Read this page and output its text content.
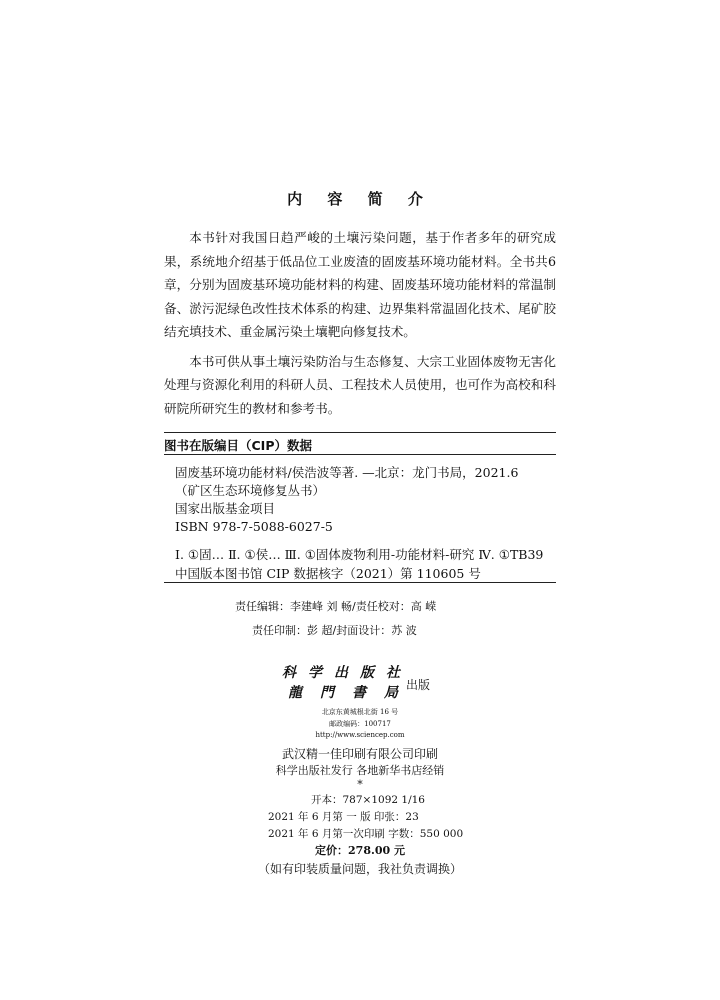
内 容 简 介

本书针对我国日趋严峻的土壤污染问题，基于作者多年的研究成果，系统地介绍基于低品位工业废渣的固废基环境功能材料。全书共6章，分别为固废基环境功能材料的构建、固废基环境功能材料的常温制备、淤污泥绿色改性技术体系的构建、边界集料常温固化技术、尾矿胶结充填技术、重金属污染土壤靶向修复技术。

本书可供从事土壤污染防治与生态修复、大宗工业固体废物无害化处理与资源化利用的科研人员、工程技术人员使用，也可作为高校和科研院所研究生的教材和参考书。

图书在版编目（CIP）数据
固废基环境功能材料/侯浩波等著. —北京：龙门书局，2021.6
（矿区生态环境修复丛书）
国家出版基金项目
ISBN 978-7-5088-6027-5
Ⅰ. ①固… Ⅱ. ①侯… Ⅲ. ①固体废物利用-功能材料-研究 Ⅳ. ①TB39
中国版本图书馆 CIP 数据核字（2021）第 110605 号
责任编辑：李建峰 刘 畅/责任校对：高 嵘
责任印制：彭 超/封面设计：苏 波
科学出版社
龍門書局
出版
北京东黄城根北街 16 号
邮政编码：100717
http://www.sciencep.com
武汉精一佳印刷有限公司印刷
科学出版社发行 各地新华书店经销
*
开本：787×1092 1/16
2021 年 6 月第 一 版 印张：23
2021 年 6 月第一次印刷 字数：550 000
定价：278.00 元
（如有印装质量问题，我社负责调换）
